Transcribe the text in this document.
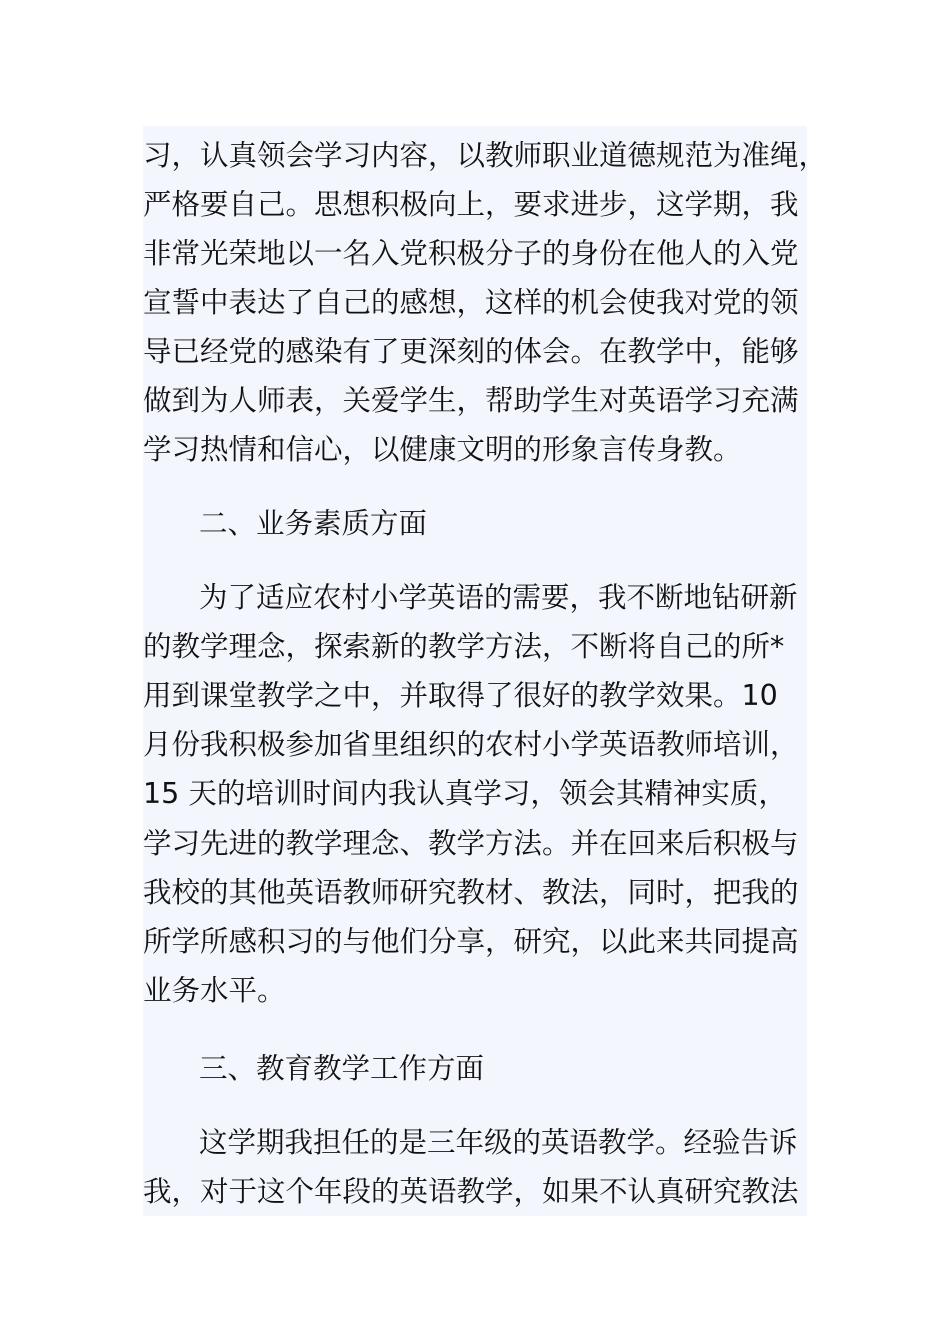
习，认真领会学习内容，以教师职业道德规范为准绳，
严格要自己。思想积极向上，要求进步，这学期，我
非常光荣地以一名入党积极分子的身份在他人的入党
宣誓中表达了自己的感想，这样的机会使我对党的领
导已经党的感染有了更深刻的体会。在教学中，能够
做到为人师表，关爱学生，帮助学生对英语学习充满
学习热情和信心，以健康文明的形象言传身教。
二、业务素质方面
为了适应农村小学英语的需要，我不断地钻研新
的教学理念，探索新的教学方法，不断将自己的所*
用到课堂教学之中，并取得了很好的教学效果。10
月份我积极参加省里组织的农村小学英语教师培训，
15 天的培训时间内我认真学习，领会其精神实质，
学习先进的教学理念、教学方法。并在回来后积极与
我校的其他英语教师研究教材、教法，同时，把我的
所学所感积习的与他们分享，研究，以此来共同提高
业务水平。
三、教育教学工作方面
这学期我担任的是三年级的英语教学。经验告诉
我，对于这个年段的英语教学，如果不认真研究教法
